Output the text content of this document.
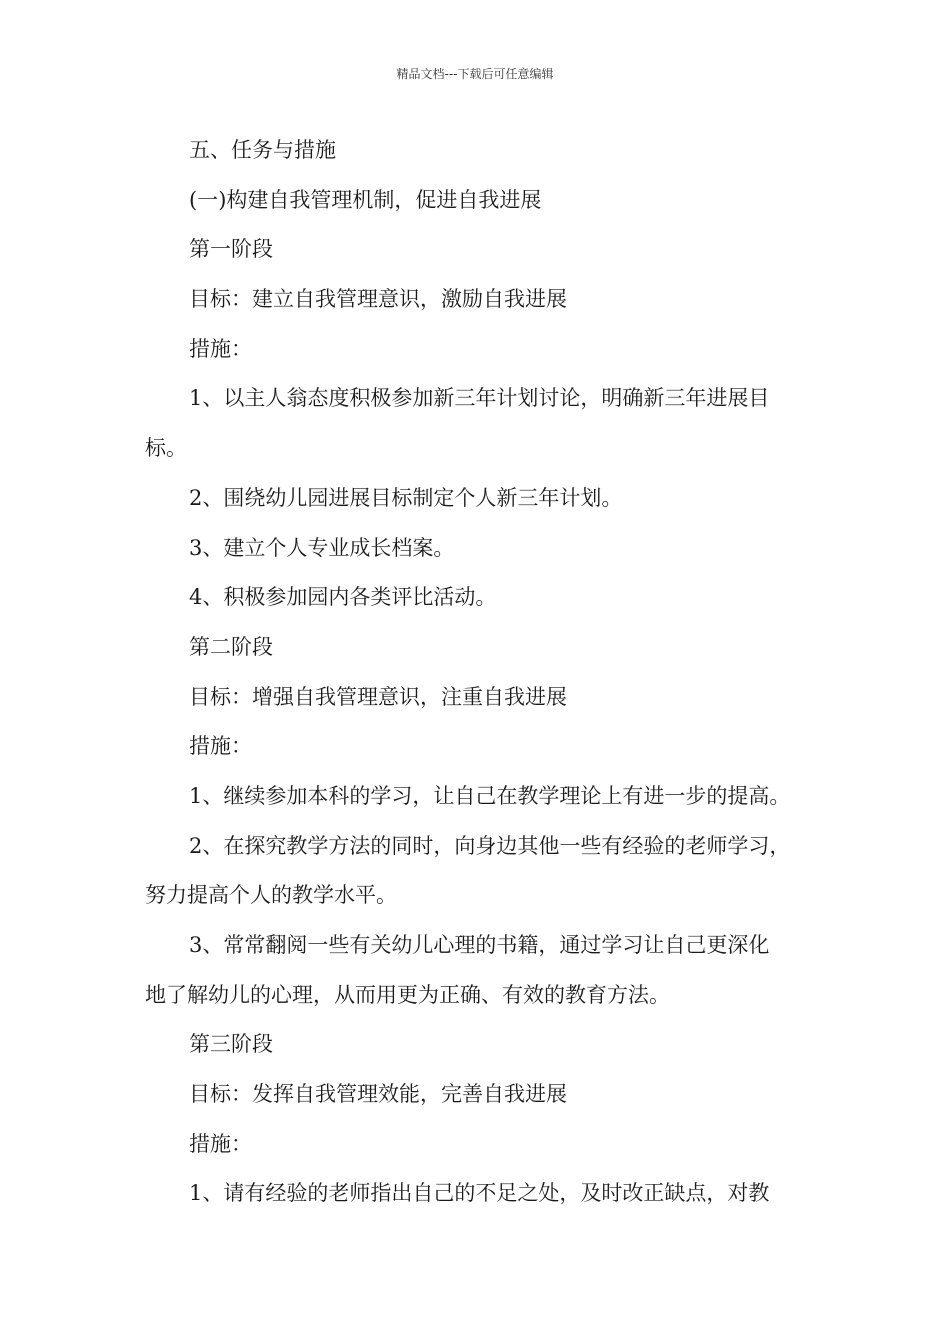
精品文档---下载后可任意编辑
五、任务与措施
(一)构建自我管理机制，促进自我进展
第一阶段
目标：建立自我管理意识，激励自我进展
措施：
1、以主人翁态度积极参加新三年计划讨论，明确新三年进展目
标。
2、围绕幼儿园进展目标制定个人新三年计划。
3、建立个人专业成长档案。
4、积极参加园内各类评比活动。
第二阶段
目标：增强自我管理意识，注重自我进展
措施：
1、继续参加本科的学习，让自己在教学理论上有进一步的提高。
2、在探究教学方法的同时，向身边其他一些有经验的老师学习，
努力提高个人的教学水平。
3、常常翻阅一些有关幼儿心理的书籍，通过学习让自己更深化
地了解幼儿的心理，从而用更为正确、有效的教育方法。
第三阶段
目标：发挥自我管理效能，完善自我进展
措施：
1、请有经验的老师指出自己的不足之处，及时改正缺点，对教
